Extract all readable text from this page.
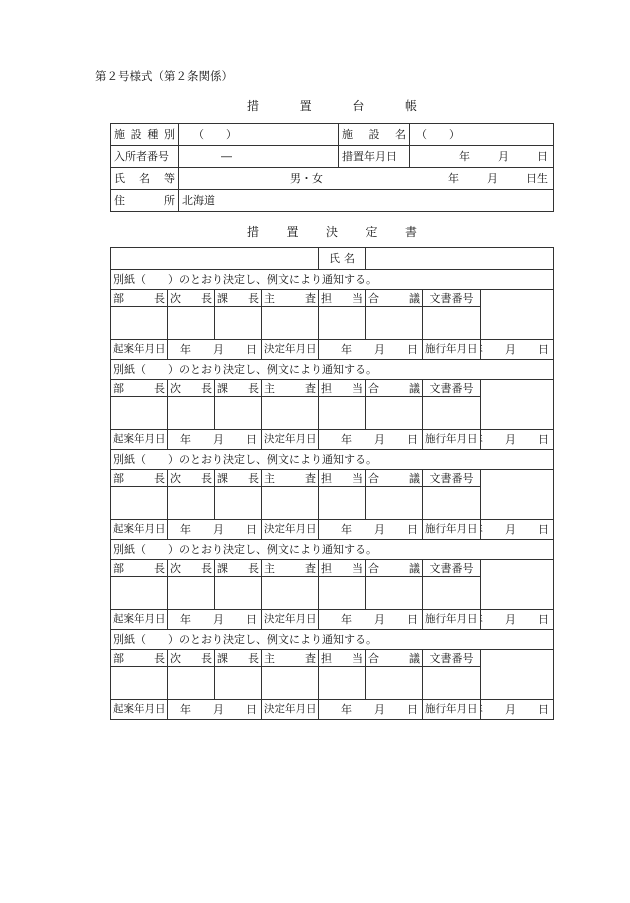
第２号様式（第２条関係）
措	置	台	帳
施 設 種 別	（　　）	施 設 名	（　　）
入所者番号	―	措置年月日	年 月 日

氏 名 等	男・女 年 月 日生		

住 所	北海道		
措 置 決 定 書

				氏 名			

別紙（　　）のとおり決定し、例文により通知する。							

部 長	次 長	課 長	主 査	担 当	合 議	文書番号	

起案年月日	年 月 日		決定年月日	年 月 日		施行年月日	月 日

別紙（　　）のとおり決定し、例文により通知する。							

部 長	次 長	課 長	主 査	担 当	合 議	文書番号	

起案年月日	年 月 日		決定年月日	年 月 日		施行年月日	月 日

別紙（　　）のとおり決定し、例文により通知する。							

部 長	次 長	課 長	主 査	担 当	合 議	文書番号	

起案年月日	年 月 日		決定年月日	年 月 日		施行年月日	月 日

別紙（　　）のとおり決定し、例文により通知する。							

部 長	次 長	課 長	主 査	担 当	合 議	文書番号	

起案年月日	年 月 日		決定年月日	年 月 日		施行年月日	月 日

別紙（　　）のとおり決定し、例文により通知する。							

部 長	次 長	課 長	主 査	担 当	合 議	文書番号	

起案年月日	年 月 日		決定年月日	年 月 日		施行年月日	月 日
